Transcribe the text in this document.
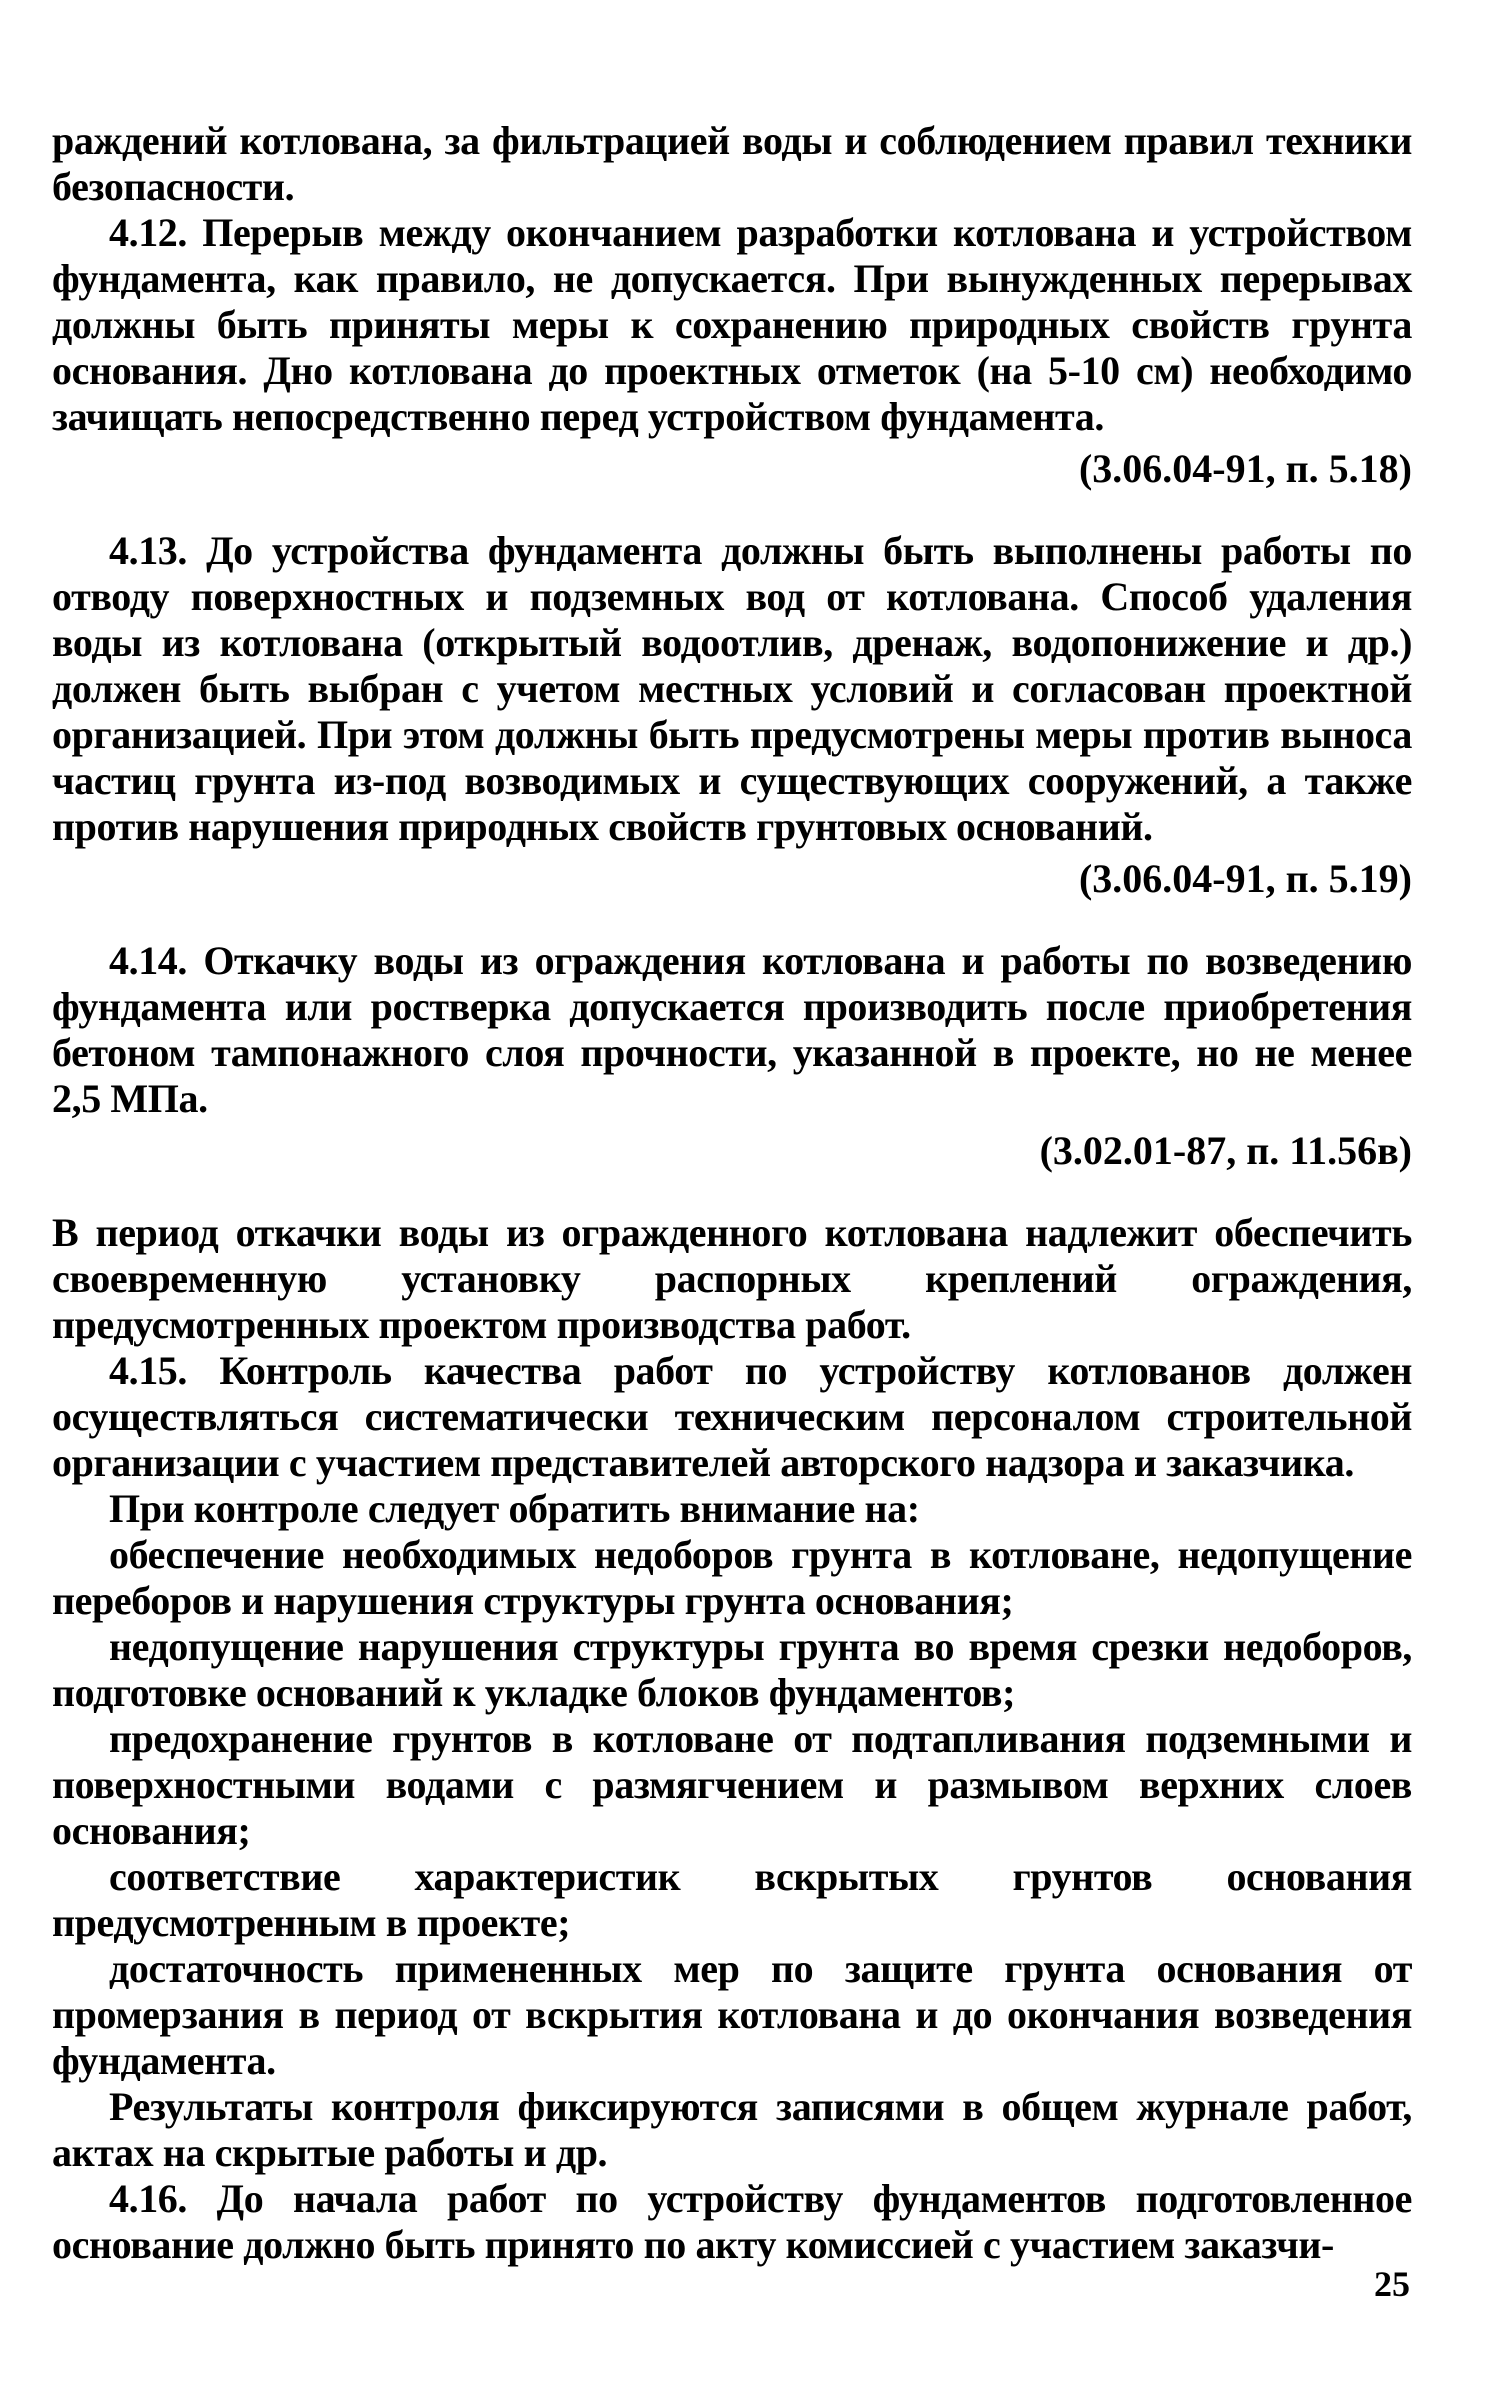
раждений котлована, за фильтрацией воды и соблюдением правил техники безопасности.

4.12. Перерыв между окончанием разработки котлована и устройством фундамента, как правило, не допускается. При вынужденных перерывах должны быть приняты меры к сохранению природных свойств грунта основания. Дно котлована до проектных отметок (на 5-10 см) необходимо зачищать непосредственно перед устройством фундамента.

(3.06.04-91, п. 5.18)

4.13. До устройства фундамента должны быть выполнены работы по отводу поверхностных и подземных вод от котлована. Способ удаления воды из котлована (открытый водоотлив, дренаж, водопонижение и др.) должен быть выбран с учетом местных условий и согласован проектной организацией. При этом должны быть предусмотрены меры против выноса частиц грунта из-под возводимых и существующих сооружений, а также против нарушения природных свойств грунтовых оснований.

(3.06.04-91, п. 5.19)

4.14. Откачку воды из ограждения котлована и работы по возведению фундамента или ростверка допускается производить после приобретения бетоном тампонажного слоя прочности, указанной в проекте, но не менее 2,5 МПа.

(3.02.01-87, п. 11.56в)

В период откачки воды из огражденного котлована надлежит обеспечить своевременную установку распорных креплений ограждения, предусмотренных проектом производства работ.

4.15. Контроль качества работ по устройству котлованов должен осуществляться систематически техническим персоналом строительной организации с участием представителей авторского надзора и заказчика.

При контроле следует обратить внимание на:

обеспечение необходимых недоборов грунта в котловане, недопущение переборов и нарушения структуры грунта основания;

недопущение нарушения структуры грунта во время срезки недоборов, подготовке оснований к укладке блоков фундаментов;

предохранение грунтов в котловане от подтапливания подземными и поверхностными водами с размягчением и размывом верхних слоев основания;

соответствие характеристик вскрытых грунтов основания предусмотренным в проекте;

достаточность примененных мер по защите грунта основания от промерзания в период от вскрытия котлована и до окончания возведения фундамента.

Результаты контроля фиксируются записями в общем журнале работ, актах на скрытые работы и др.

4.16. До начала работ по устройству фундаментов подготовленное основание должно быть принято по акту комиссией с участием заказчи-

25
